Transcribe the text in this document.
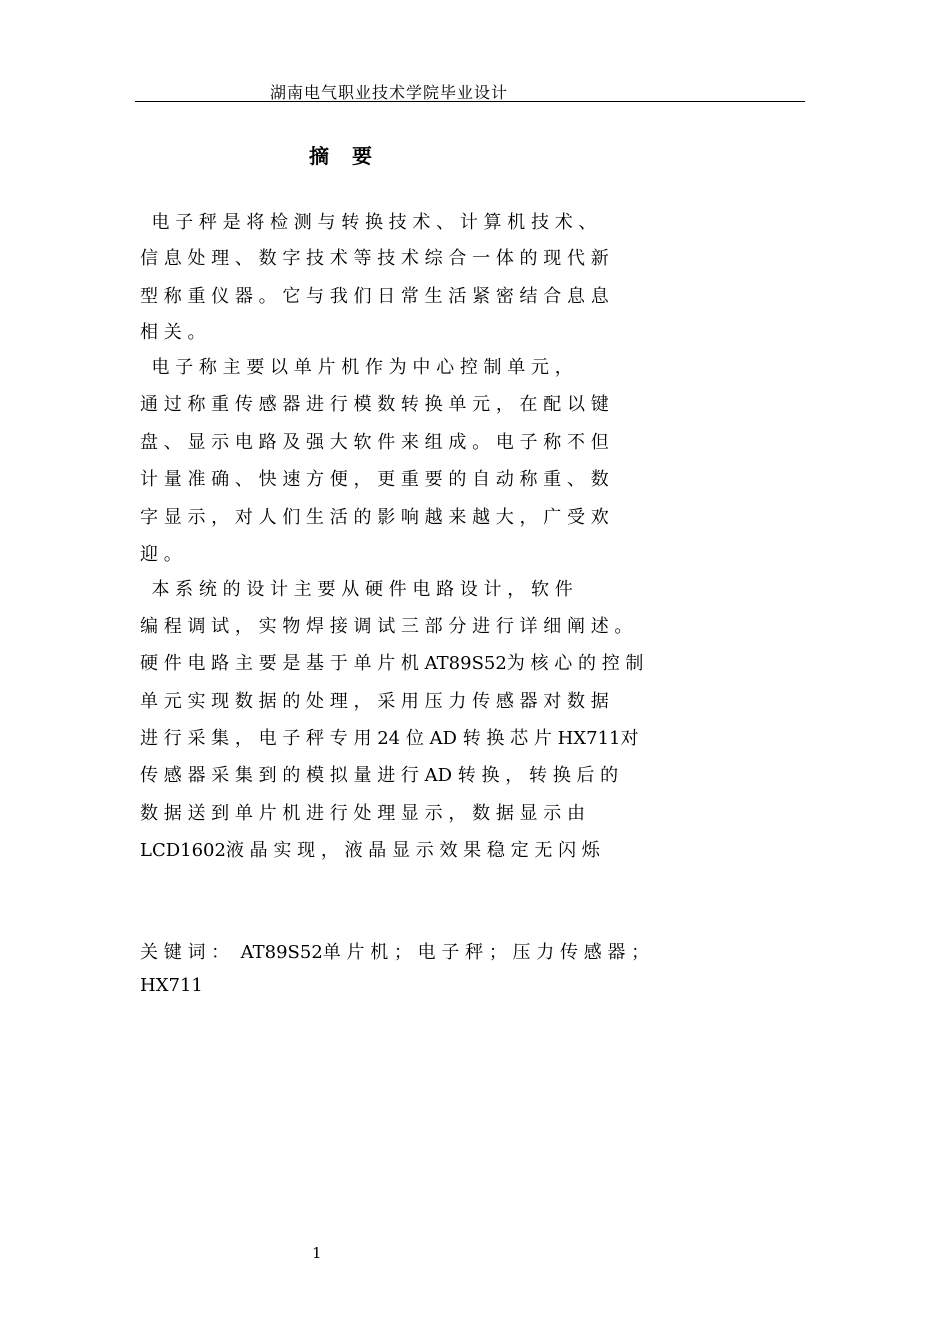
湖南电气职业技术学院毕业设计
摘 要
电 子 秤 是 将 检 测 与 转 换 技 术 、 计 算 机 技 术 、
信 息 处 理 、 数 字 技 术 等 技 术 综 合 一 体 的 现 代 新
型 称 重 仪 器 。 它 与 我 们 日 常 生 活 紧 密 结 合 息 息
相 关 。
电 子 称 主 要 以 单 片 机 作 为 中 心 控 制 单 元 ，
通 过 称 重 传 感 器 进 行 模 数 转 换 单 元 ， 在 配 以 键
盘 、 显 示 电 路 及 强 大 软 件 来 组 成 。 电 子 称 不 但
计 量 准 确 、 快 速 方 便 ， 更 重 要 的 自 动 称 重 、 数
字 显 示 ， 对 人 们 生 活 的 影 响 越 来 越 大 ， 广 受 欢
迎 。
本 系 统 的 设 计 主 要 从 硬 件 电 路 设 计 ， 软 件
编 程 调 试 ， 实 物 焊 接 调 试 三 部 分 进 行 详 细 阐 述 。
硬 件 电 路 主 要 是 基 于 单 片 机 AT89S52为 核 心 的 控 制
单 元 实 现 数 据 的 处 理 ， 采 用 压 力 传 感 器 对 数 据
进 行 采 集 ， 电 子 秤 专 用 24 位 AD 转 换 芯 片 HX711对
传 感 器 采 集 到 的 模 拟 量 进 行 AD 转 换 ， 转 换 后 的
数 据 送 到 单 片 机 进 行 处 理 显 示 ， 数 据 显 示 由
LCD1602液 晶 实 现 ， 液 晶 显 示 效 果 稳 定 无 闪 烁
关 键 词 ：  AT89S52单 片 机 ； 电 子 秤 ； 压 力 传 感 器 ；
HX711
1
